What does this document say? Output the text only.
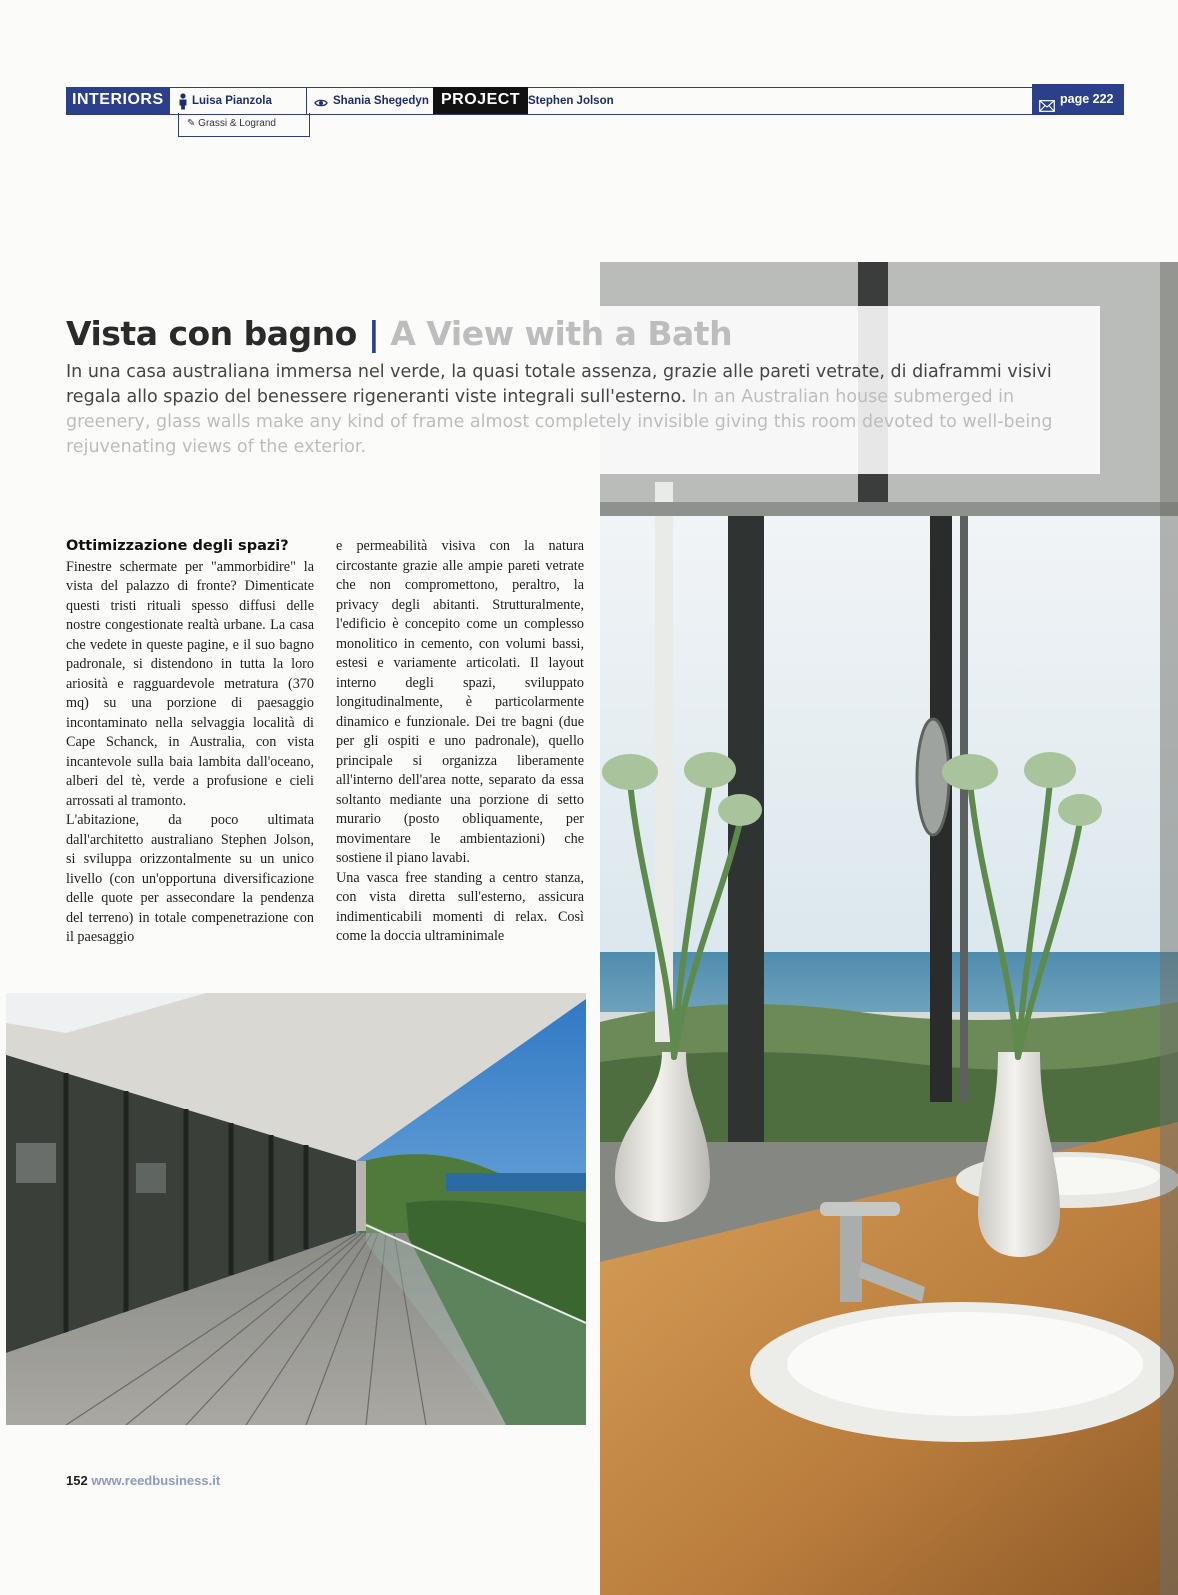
INTERIORS	Luisa Pianzola	Shania Shegedyn PROJECT Stephen Jolson	page 222
✎ Grassi & Logrand
Vista con bagno | A View with a Bath
In una casa australiana immersa nel verde, la quasi totale assenza, grazie alle pareti vetrate, di diaframmi visivi regala allo spazio del benessere rigeneranti viste integrali sull'esterno. In an Australian house submerged in greenery, glass walls make any kind of frame almost completely invisible giving this room devoted to well-being rejuvenating views of the exterior.
Ottimizzazione degli spazi?
Finestre schermate per "ammorbidire" la vista del palazzo di fronte? Dimenticate questi tristi rituali spesso diffusi delle nostre congestionate realtà urbane. La casa che vedete in queste pagine, e il suo bagno padronale, si distendono in tutta la loro ariosità e ragguardevole metratura (370 mq) su una porzione di paesaggio incontaminato nella selvaggia località di Cape Schanck, in Australia, con vista incantevole sulla baia lambita dall'oceano, alberi del tè, verde a profusione e cieli arrossati al tramonto.
L'abitazione, da poco ultimata dall'architetto australiano Stephen Jolson, si sviluppa orizzontalmente su un unico livello (con un'opportuna diversificazione delle quote per assecondare la pendenza del terreno) in totale compenetrazione con il paesaggio
e permeabilità visiva con la natura circostante grazie alle ampie pareti vetrate che non compromettono, peraltro, la privacy degli abitanti. Strutturalmente, l'edificio è concepito come un complesso monolitico in cemento, con volumi bassi, estesi e variamente articolati. Il layout interno degli spazi, sviluppato longitudinalmente, è particolarmente dinamico e funzionale. Dei tre bagni (due per gli ospiti e uno padronale), quello principale si organizza liberamente all'interno dell'area notte, separato da essa soltanto mediante una porzione di setto murario (posto obliquamente, per movimentare le ambientazioni) che sostiene il piano lavabi.
Una vasca free standing a centro stanza, con vista diretta sull'esterno, assicura indimenticabili momenti di relax. Così come la doccia ultraminimale
152 www.reedbusiness.it
